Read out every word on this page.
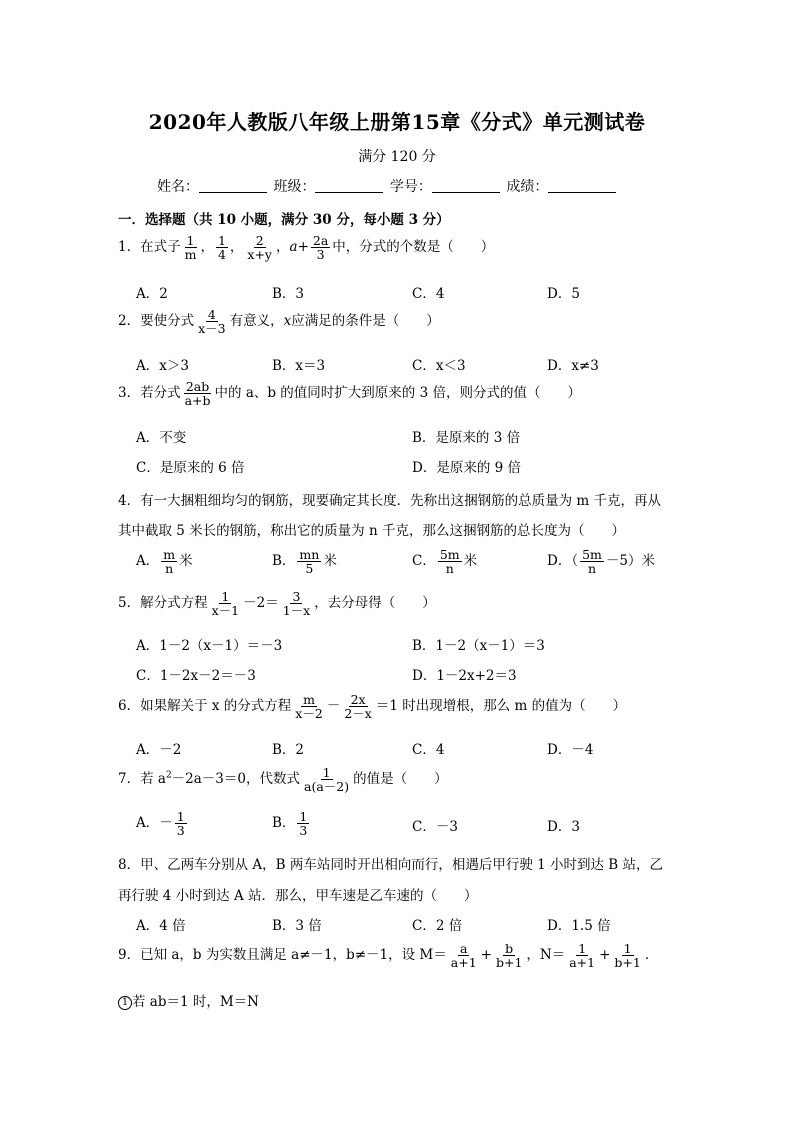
2020年人教版八年级上册第15章《分式》单元测试卷
满分 120 分
姓名：	班级：	学号：	成绩：
一．选择题（共 10 小题，满分 30 分，每小题 3 分）
1．在式子 $\frac{1}{m}$ ， $\frac{1}{4}$ ， $\frac{2}{x+y}$ ，$a+ \frac{2a}{3}$ 中，分式的个数是（　　）
A．2	B．3	C．4	D．5
2．要使分式 $\frac{4}{x-3}$ 有意义，x应满足的条件是（　　）
A．x＞3	B．x＝3	C．x＜3	D．x≠3
3．若分式 $\frac{2ab}{a+b}$ 中的 a、b 的值同时扩大到原来的 3 倍，则分式的值（　　）
A．不变	B．是原来的 3 倍
C．是原来的 6 倍	D．是原来的 9 倍
4．有一大捆粗细均匀的钢筋，现要确定其长度．先称出这捆钢筋的总质量为 m 千克，再从
其中截取 5 米长的钢筋，称出它的质量为 n 千克，那么这捆钢筋的总长度为（　　）
A． $\frac{m}{n}$ 米	B． $\frac{mn}{5}$ 米	C． $\frac{5m}{n}$ 米	D．（ $\frac{5m}{n} -5$）米
5．解分式方程 $\frac{1}{x-1} -2= \frac{3}{1-x}$ ，去分母得（　　）
A．1－2（x－1）＝－3	B．1－2（x－1）＝3
C．1－2x－2＝－3	D．1－2x+2＝3
6．如果解关于 x 的分式方程 $\frac{m}{x-2} - \frac{2x}{2-x} =1$ 时出现增根，那么 m 的值为（　　）
A．－2	B．2	C．4	D．－4
7．若 $a^2-2a-3=0$，代数式 $\frac{1}{a(a-2)}$ 的值是（　　）
A．－ $\frac{1}{3}$	B． $\frac{1}{3}$	C．－3	D．3
8．甲、乙两车分别从 A，B 两车站同时开出相向而行，相遇后甲行驶 1 小时到达 B 站，乙
再行驶 4 小时到达 A 站．那么，甲车速是乙车速的（　　）
A．4 倍	B．3 倍	C．2 倍	D．1.5 倍
9．已知 a，b 为实数且满足 a≠－1，b≠－1，设 $M= \frac{a}{a+1} + \frac{b}{b+1}$ ，$N= \frac{1}{a+1} + \frac{1}{b+1}$ ．
1 若 ab＝1 时，M＝N
